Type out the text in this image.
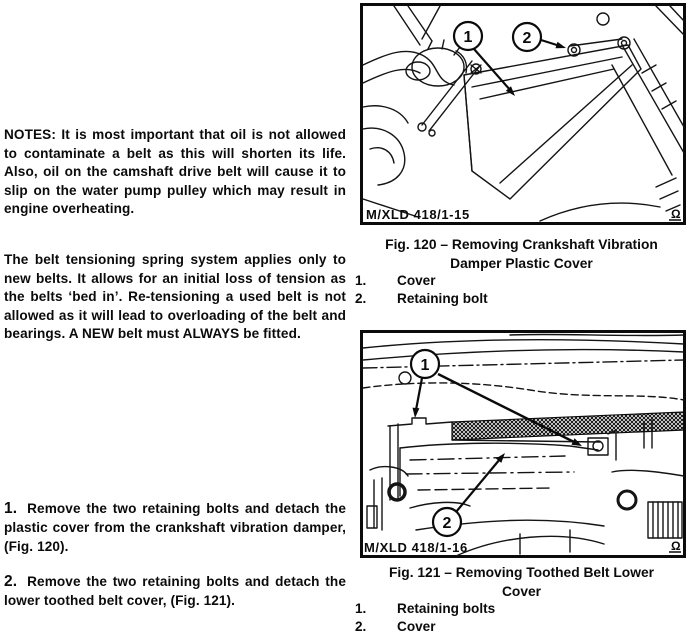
NOTES: It is most important that oil is not allowed to contaminate a belt as this will shorten its life. Also, oil on the camshaft drive belt will cause it to slip on the water pump pulley which may result in engine overheating.

The belt tensioning spring system applies only to new belts. It allows for an initial loss of tension as the belts ‘bed in’. Re-tensioning a used belt is not allowed as it will lead to overloading of the belt and bearings. A NEW belt must ALWAYS be fitted.

1. Remove the two retaining bolts and detach the plastic cover from the crankshaft vibration damper, (Fig. 120).
2. Remove the two retaining bolts and detach the lower toothed belt cover, (Fig. 121).
1	2
M/XLD 418/1-15	Ω
Fig. 120 – Removing Crankshaft Vibration
Damper Plastic Cover
1.	Cover
2.	Retaining bolt
1
2
M/XLD 418/1-16	Ω
Fig. 121 – Removing Toothed Belt Lower
Cover
1.	Retaining bolts
2.	Cover
